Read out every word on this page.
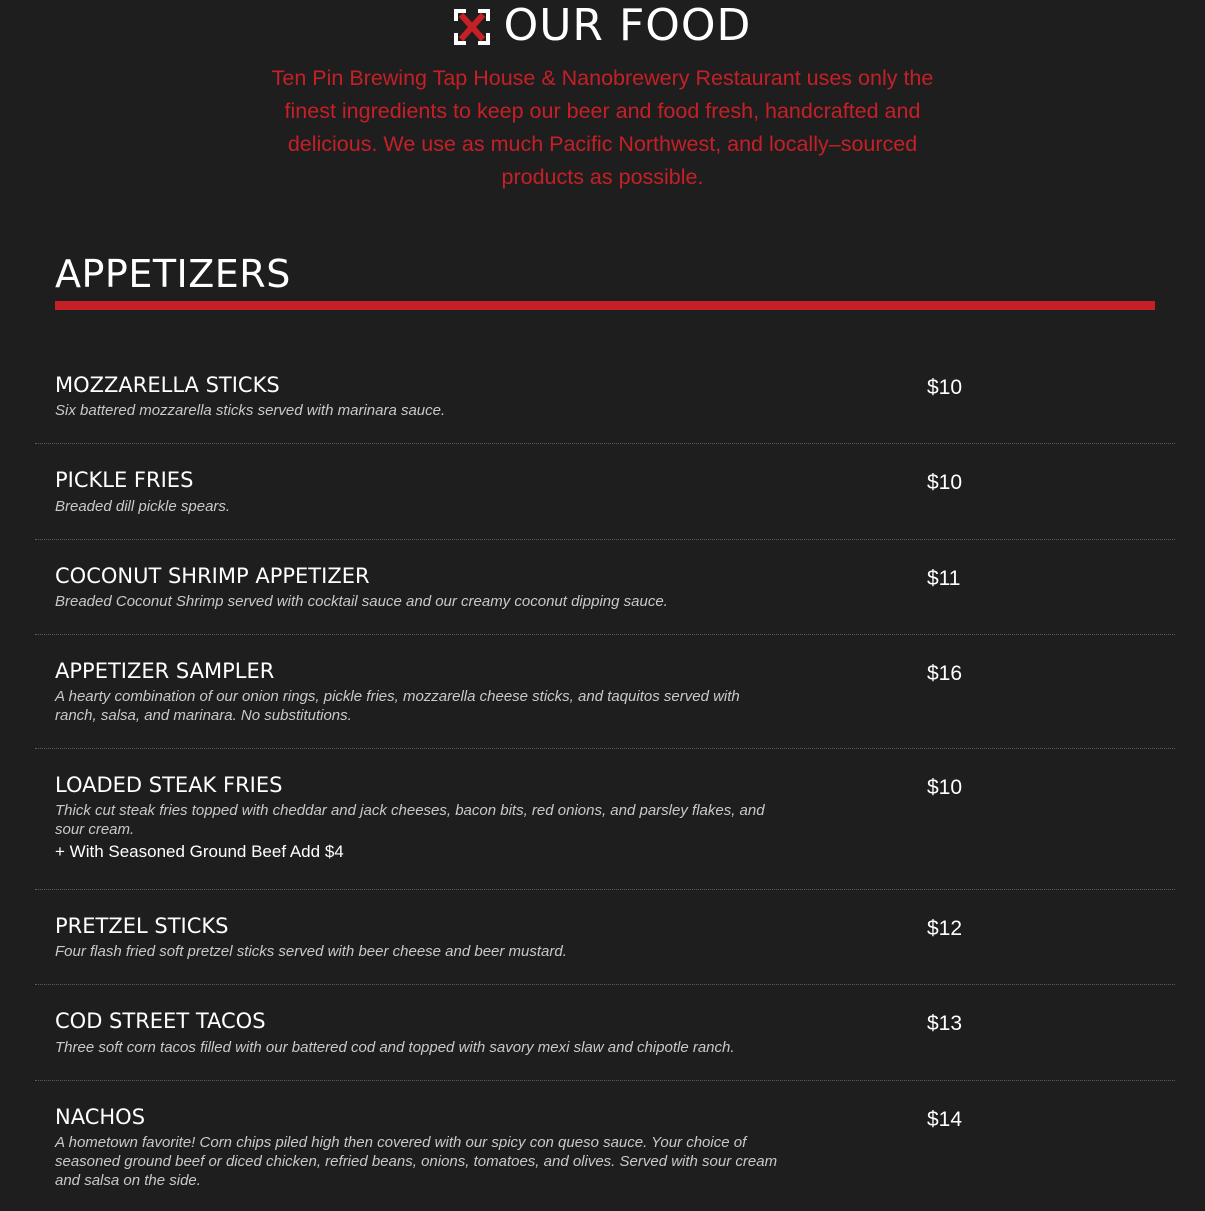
OUR FOOD

Ten Pin Brewing Tap House & Nanobrewery Restaurant uses only the finest ingredients to keep our beer and food fresh, handcrafted and delicious. We use as much Pacific Northwest, and locally–sourced products as possible.

APPETIZERS
MOZZARELLA STICKS
Six battered mozzarella sticks served with marinara sauce.
$10
PICKLE FRIES
Breaded dill pickle spears.
$10
COCONUT SHRIMP APPETIZER
Breaded Coconut Shrimp served with cocktail sauce and our creamy coconut dipping sauce.
$11
APPETIZER SAMPLER
A hearty combination of our onion rings, pickle fries, mozzarella cheese sticks, and taquitos served with ranch, salsa, and marinara. No substitutions.
$16
LOADED STEAK FRIES
Thick cut steak fries topped with cheddar and jack cheeses, bacon bits, red onions, and parsley flakes, and sour cream.
+ With Seasoned Ground Beef Add $4
$10
PRETZEL STICKS
Four flash fried soft pretzel sticks served with beer cheese and beer mustard.
$12
COD STREET TACOS
Three soft corn tacos filled with our battered cod and topped with savory mexi slaw and chipotle ranch.
$13
NACHOS
A hometown favorite! Corn chips piled high then covered with our spicy con queso sauce. Your choice of seasoned ground beef or diced chicken, refried beans, onions, tomatoes, and olives. Served with sour cream and salsa on the side.
$14
